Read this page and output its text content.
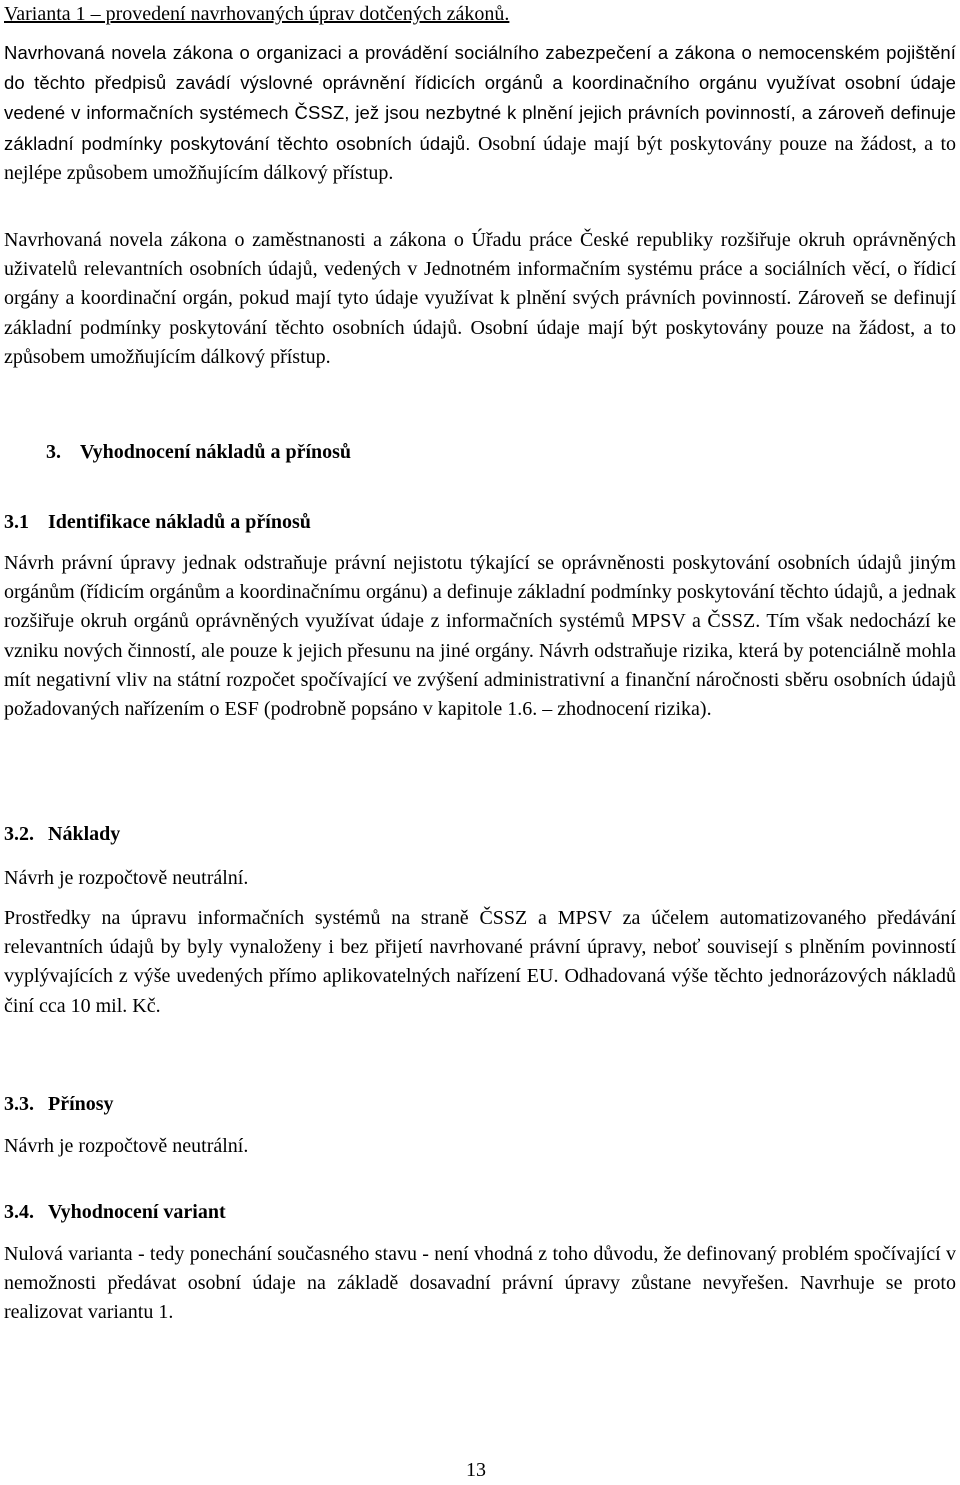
Varianta 1 – provedení navrhovaných úprav dotčených zákonů.

Navrhovaná novela zákona o organizaci a provádění sociálního zabezpečení a zákona o nemocenském pojištění do těchto předpisů zavádí výslovné oprávnění řídicích orgánů a koordinačního orgánu využívat osobní údaje vedené v informačních systémech ČSSZ, jež jsou nezbytné k plnění jejich právních povinností, a zároveň definuje základní podmínky poskytování těchto osobních údajů. Osobní údaje mají být poskytovány pouze na žádost, a to nejlépe způsobem umožňujícím dálkový přístup.

Navrhovaná novela zákona o zaměstnanosti a zákona o Úřadu práce České republiky rozšiřuje okruh oprávněných uživatelů relevantních osobních údajů, vedených v Jednotném informačním systému práce a sociálních věcí, o řídicí orgány a koordinační orgán, pokud mají tyto údaje využívat k plnění svých právních povinností. Zároveň se definují základní podmínky poskytování těchto osobních údajů. Osobní údaje mají být poskytovány pouze na žádost, a to způsobem umožňujícím dálkový přístup.

3. Vyhodnocení nákladů a přínosů
3.1 Identifikace nákladů a přínosů

Návrh právní úpravy jednak odstraňuje právní nejistotu týkající se oprávněnosti poskytování osobních údajů jiným orgánům (řídicím orgánům a koordinačnímu orgánu) a definuje základní podmínky poskytování těchto údajů, a jednak rozšiřuje okruh orgánů oprávněných využívat údaje z informačních systémů MPSV a ČSSZ. Tím však nedochází ke vzniku nových činností, ale pouze k jejich přesunu na jiné orgány. Návrh odstraňuje rizika, která by potenciálně mohla mít negativní vliv na státní rozpočet spočívající ve zvýšení administrativní a finanční náročnosti sběru osobních údajů požadovaných nařízením o ESF (podrobně popsáno v kapitole 1.6. – zhodnocení rizika).

3.2. Náklady

Návrh je rozpočtově neutrální.

Prostředky na úpravu informačních systémů na straně ČSSZ a MPSV za účelem automatizovaného předávání relevantních údajů by byly vynaloženy i bez přijetí navrhované právní úpravy, neboť souvisejí s plněním povinností vyplývajících z výše uvedených přímo aplikovatelných nařízení EU. Odhadovaná výše těchto jednorázových nákladů činí cca 10 mil. Kč.

3.3. Přínosy

Návrh je rozpočtově neutrální.

3.4. Vyhodnocení variant

Nulová varianta - tedy ponechání současného stavu - není vhodná z toho důvodu, že definovaný problém spočívající v nemožnosti předávat osobní údaje na základě dosavadní právní úpravy zůstane nevyřešen. Navrhuje se proto realizovat variantu 1.

13
